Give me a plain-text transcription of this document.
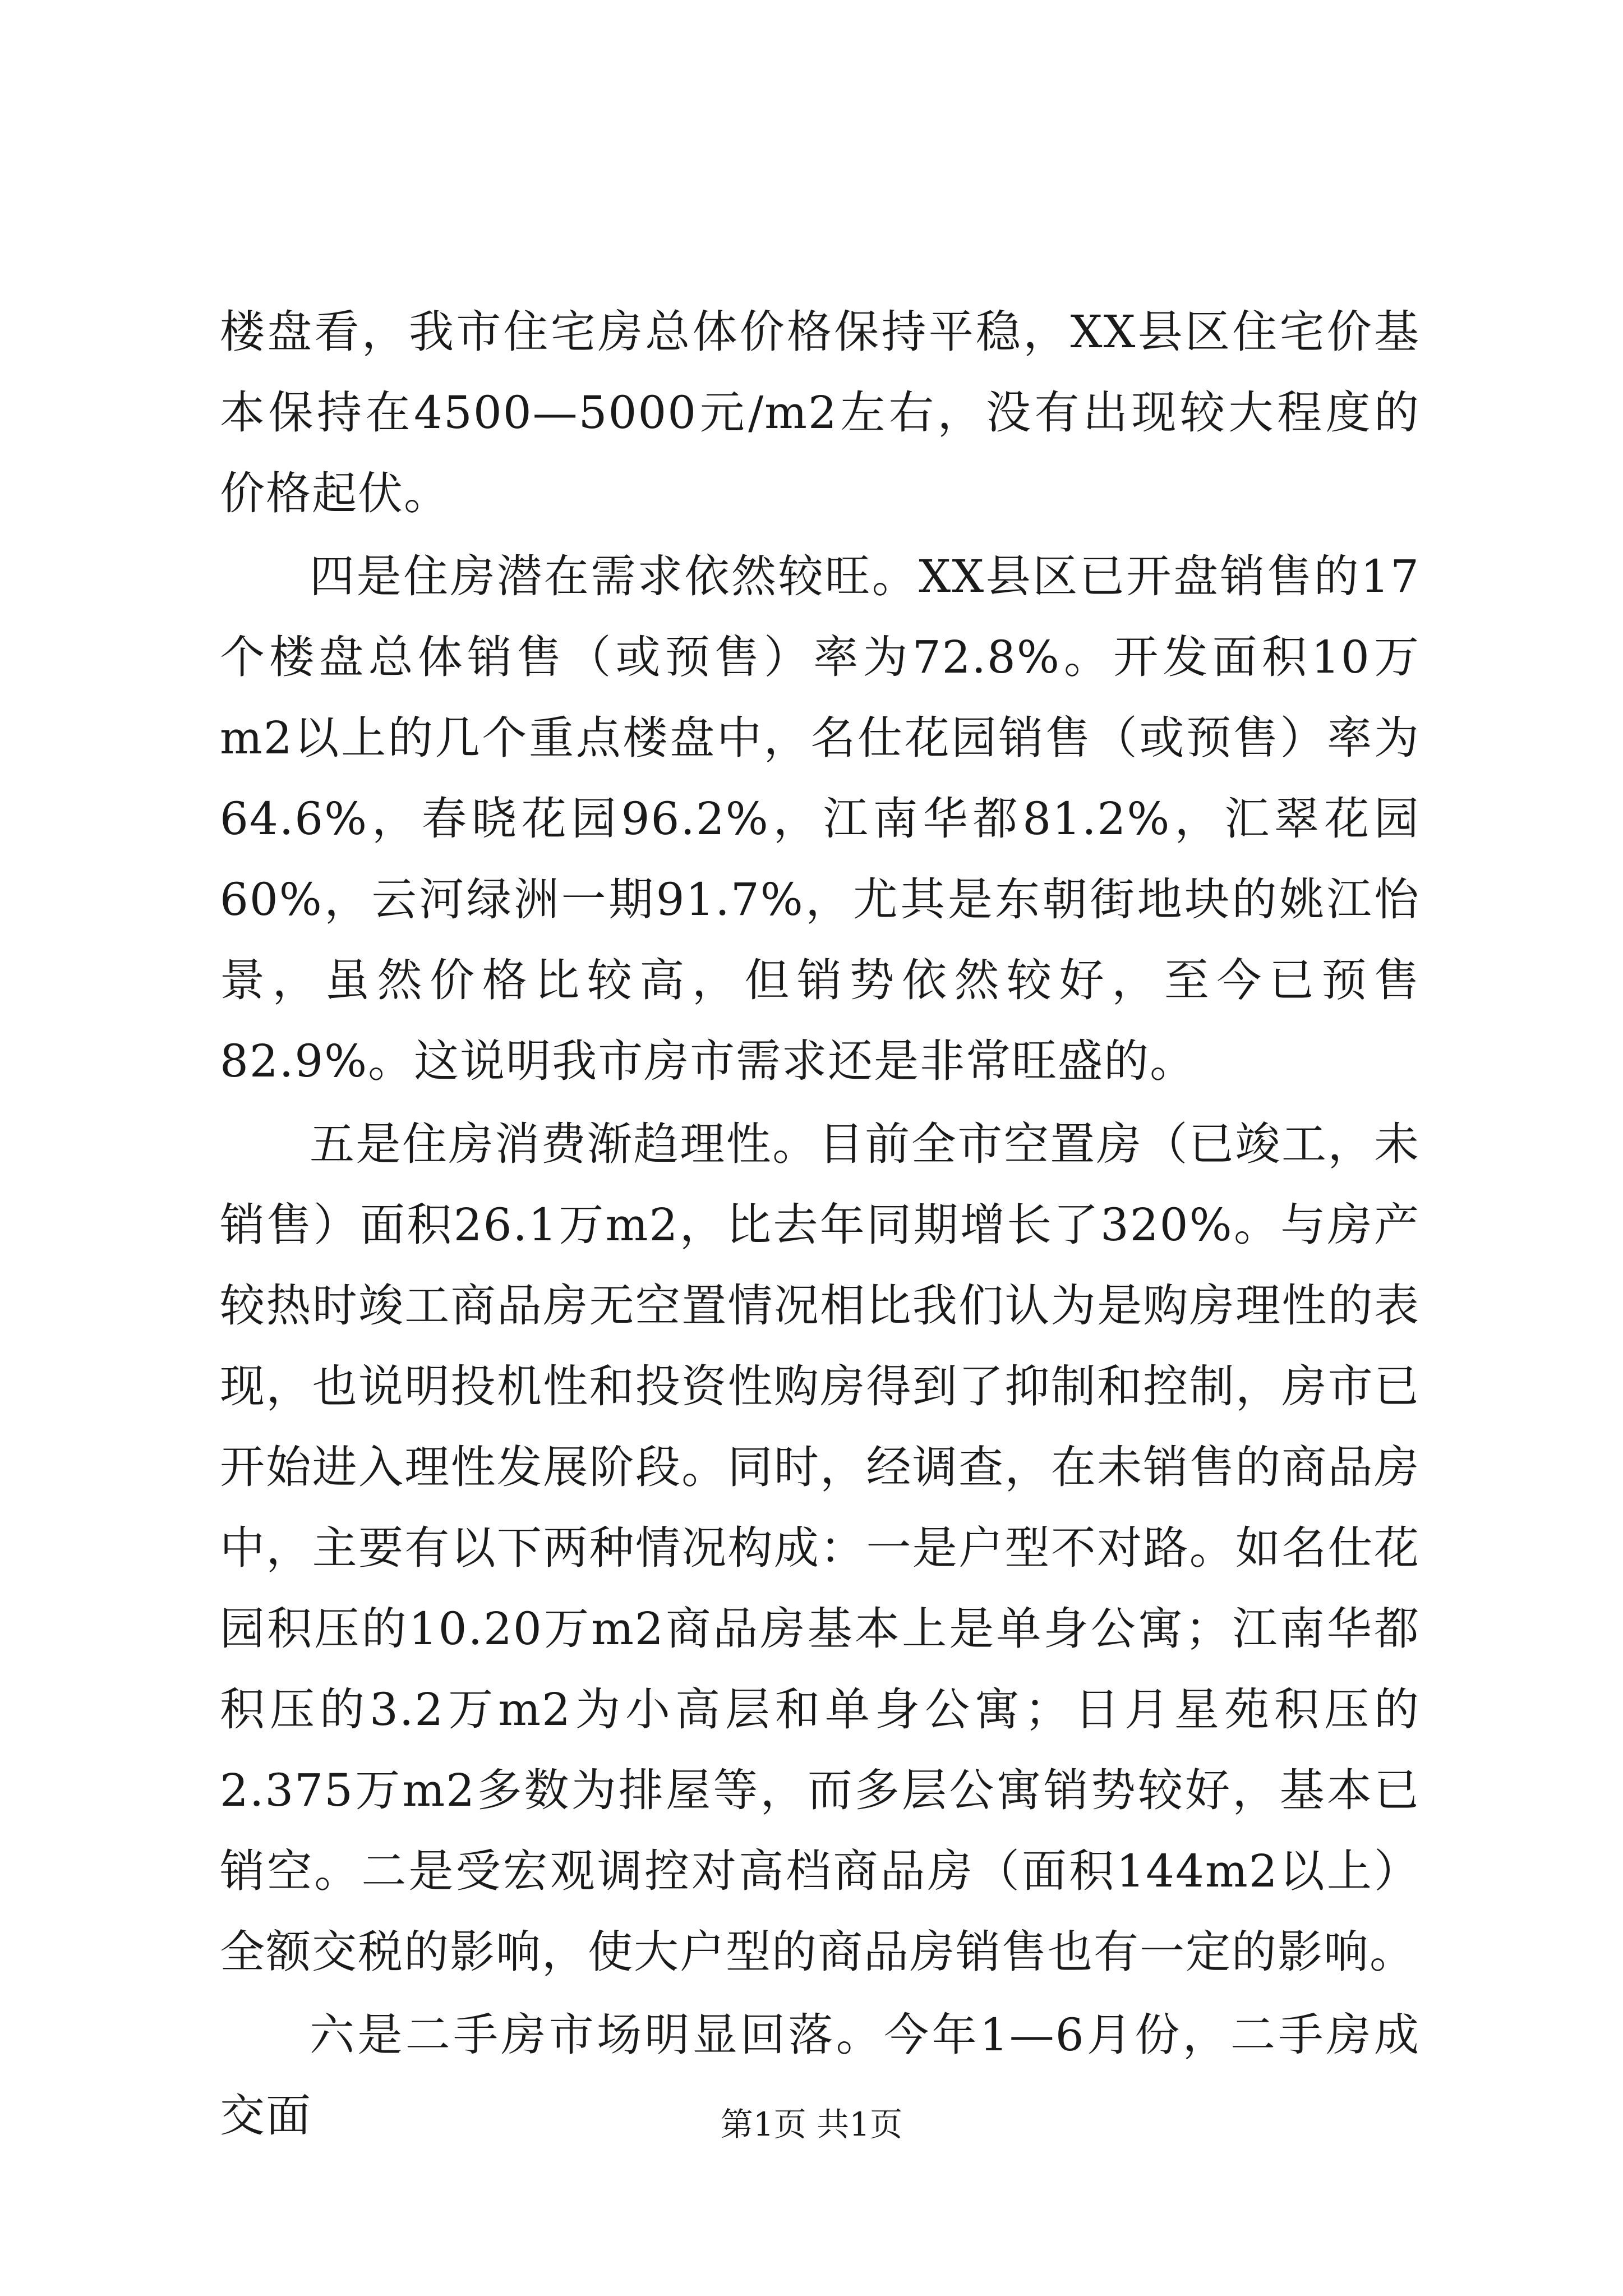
楼盘看，我市住宅房总体价格保持平稳，XX县区住宅价基本保持在4500—5000元/m2左右，没有出现较大程度的价格起伏。

四是住房潜在需求依然较旺。XX县区已开盘销售的17个楼盘总体销售（或预售）率为72.8%。开发面积10万m2以上的几个重点楼盘中，名仕花园销售（或预售）率为64.6%，春晓花园96.2%，江南华都81.2%，汇翠花园60%，云河绿洲一期91.7%，尤其是东朝街地块的姚江怡景，虽然价格比较高，但销势依然较好，至今已预售82.9%。这说明我市房市需求还是非常旺盛的。

五是住房消费渐趋理性。目前全市空置房（已竣工，未销售）面积26.1万m2，比去年同期增长了320%。与房产较热时竣工商品房无空置情况相比我们认为是购房理性的表现，也说明投机性和投资性购房得到了抑制和控制，房市已开始进入理性发展阶段。同时，经调查，在未销售的商品房中，主要有以下两种情况构成：一是户型不对路。如名仕花园积压的10.20万m2商品房基本上是单身公寓；江南华都积压的3.2万m2为小高层和单身公寓；日月星苑积压的2.375万m2多数为排屋等，而多层公寓销势较好，基本已销空。二是受宏观调控对高档商品房（面积144m2以上）全额交税的影响，使大户型的商品房销售也有一定的影响。

六是二手房市场明显回落。今年1—6月份，二手房成交面	第1页 共1页
